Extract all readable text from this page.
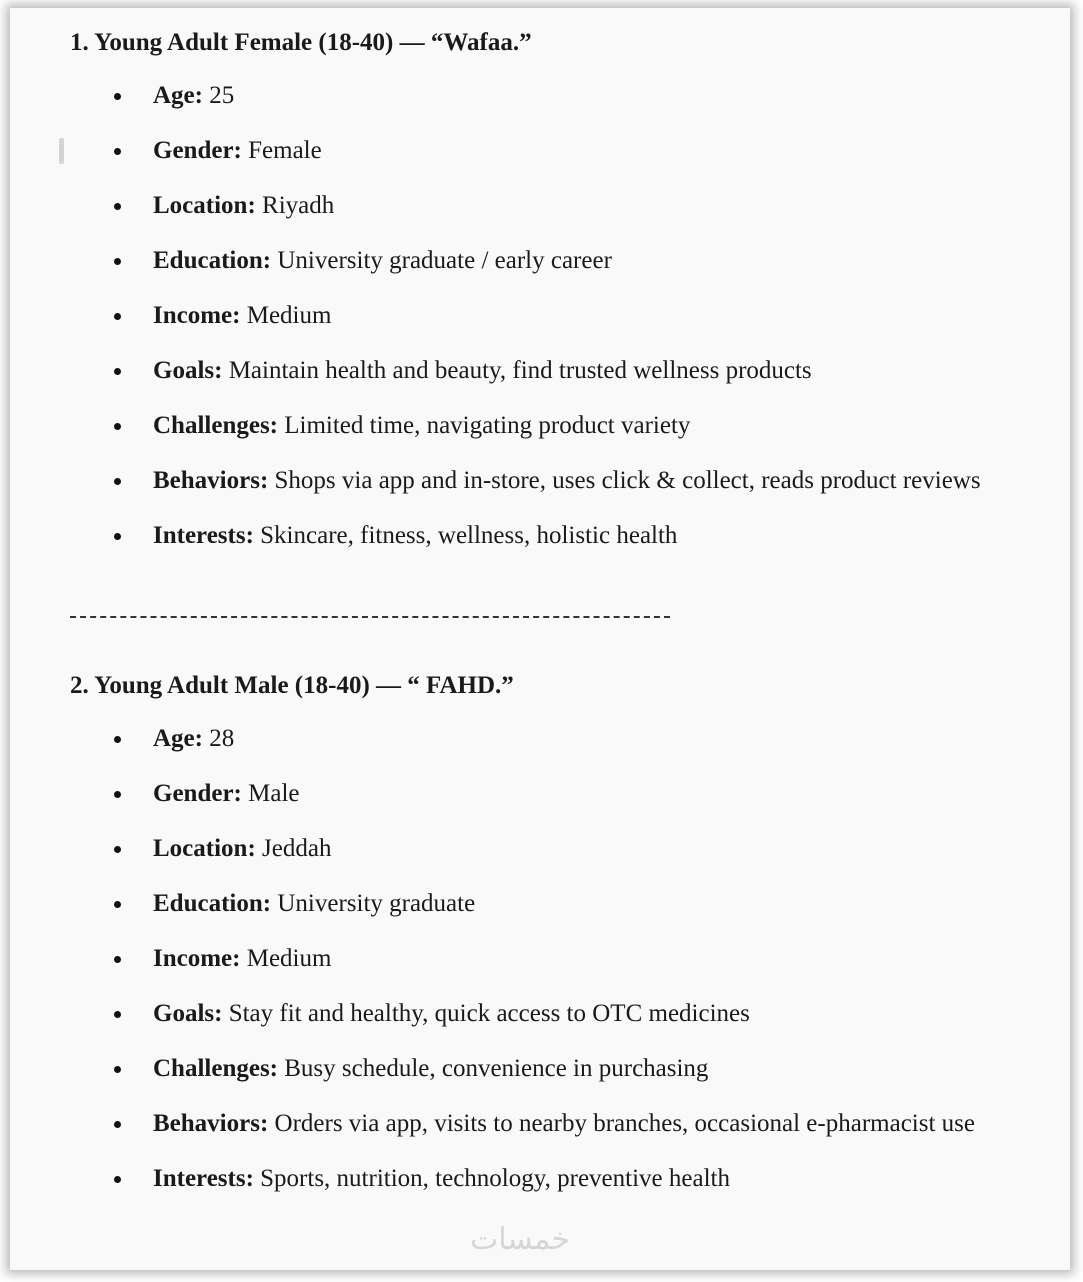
1. Young Adult Female (18-40) — “Wafaa.”
Age: 25
Gender: Female
Location: Riyadh
Education: University graduate / early career
Income: Medium
Goals: Maintain health and beauty, find trusted wellness products
Challenges: Limited time, navigating product variety
Behaviors: Shops via app and in-store, uses click & collect, reads product reviews
Interests: Skincare, fitness, wellness, holistic health
2. Young Adult Male (18-40) — “ FAHD.”
Age: 28
Gender: Male
Location: Jeddah
Education: University graduate
Income: Medium
Goals: Stay fit and healthy, quick access to OTC medicines
Challenges: Busy schedule, convenience in purchasing
Behaviors: Orders via app, visits to nearby branches, occasional e-pharmacist use
Interests: Sports, nutrition, technology, preventive health
خمسات
